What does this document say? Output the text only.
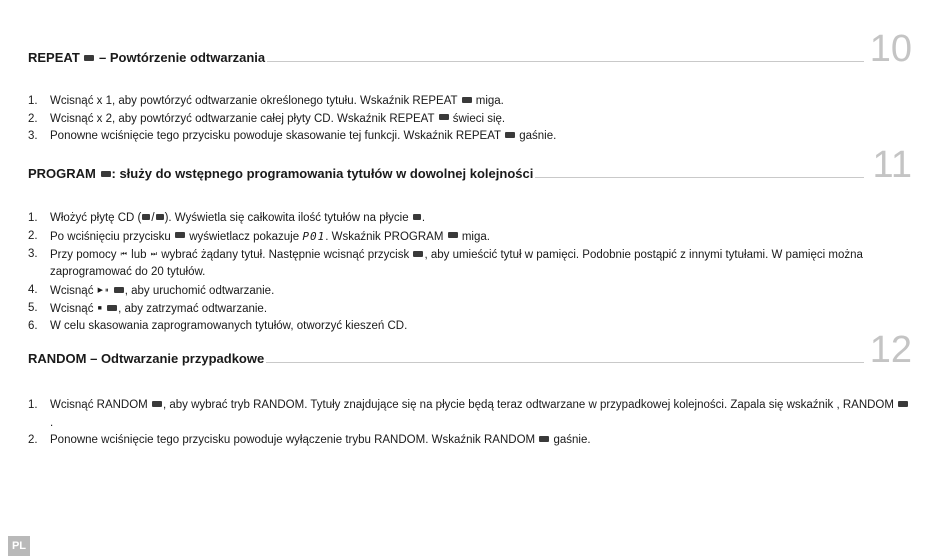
REPEAT  – Powtórzenie odtwarzania	10
1. Wcisnąć x 1, aby powtórzyć odtwarzanie określonego tytułu. Wskaźnik REPEAT  miga.
2. Wcisnąć x 2, aby powtórzyć odtwarzanie całej płyty CD. Wskaźnik REPEAT  świeci się.
3. Ponowne wciśnięcie tego przycisku powoduje skasowanie tej funkcji. Wskaźnik REPEAT  gaśnie.
PROGRAM : służy do wstępnego programowania tytułów w dowolnej kolejności	11
1. Włożyć płytę CD ( / ). Wyświetla się całkowita ilość tytułów na płycie .
2. Po wciśnięciu przycisku  wyświetlacz pokazuje P01. Wskaźnik PROGRAM  miga.
3. Przy pomocy ⏮ lub ⏭ wybrać żądany tytuł. Następnie wcisnąć przycisk , aby umieścić tytuł w pamięci. Podobnie postąpić z innymi tytułami. W pamięci można zaprogramować do 20 tytułów.
4. Wcisnąć ▶ ⏸ , aby uruchomić odtwarzanie.
5. Wcisnąć ■ , aby zatrzymać odtwarzanie.
6. W celu skasowania zaprogramowanych tytułów, otworzyć kieszeń CD.
RANDOM – Odtwarzanie przypadkowe	12
1. Wcisnąć RANDOM , aby wybrać tryb RANDOM. Tytuły znajdujące się na płycie będą teraz odtwarzane w przypadkowej kolejności. Zapala się wskaźnik , RANDOM .
2. Ponowne wciśnięcie tego przycisku powoduje wyłączenie trybu RANDOM. Wskaźnik RANDOM  gaśnie.
PL
